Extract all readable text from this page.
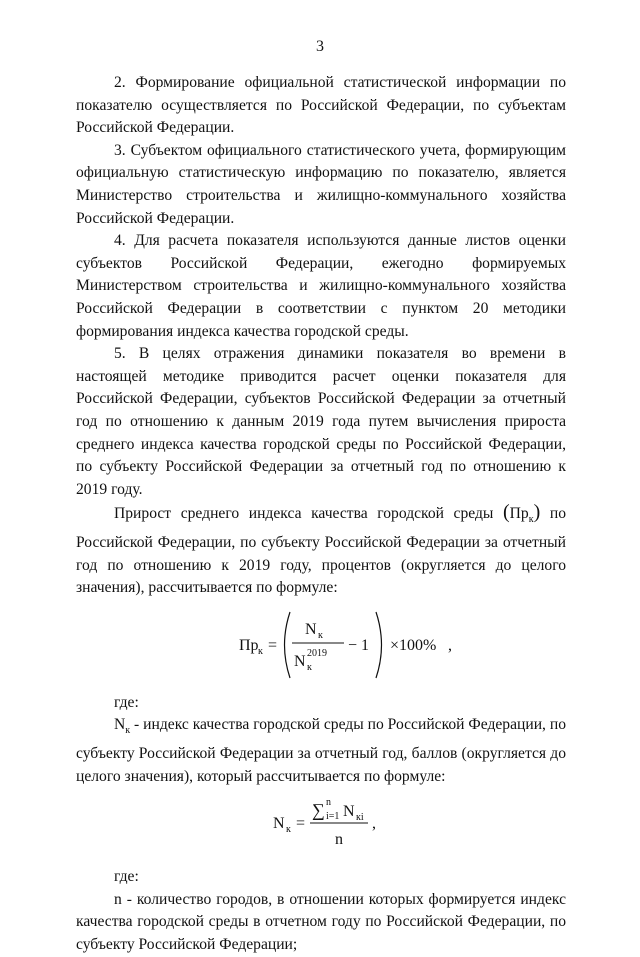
3

2. Формирование официальной статистической информации по показателю осуществляется по Российской Федерации, по субъектам Российской Федерации.

3. Субъектом официального статистического учета, формирующим официальную статистическую информацию по показателю, является Министерство строительства и жилищно-коммунального хозяйства Российской Федерации.

4. Для расчета показателя используются данные листов оценки субъектов Российской Федерации, ежегодно формируемых Министерством строительства и жилищно-коммунального хозяйства Российской Федерации в соответствии с пунктом 20 методики формирования индекса качества городской среды.

5. В целях отражения динамики показателя во времени в настоящей методике приводится расчет оценки показателя для Российской Федерации, субъектов Российской Федерации за отчетный год по отношению к данным 2019 года путем вычисления прироста среднего индекса качества городской среды по Российской Федерации, по субъекту Российской Федерации за отчетный год по отношению к 2019 году.

Прирост среднего индекса качества городской среды $(Пр_к)$ по Российской Федерации, по субъекту Российской Федерации за отчетный год по отношению к 2019 году, процентов (округляется до целого значения), рассчитывается по формуле:

Пр к =
N к
N к
2019 − 1 ×100% ,

где:

$N_к$ - индекс качества городской среды по Российской Федерации, по субъекту Российской Федерации за отчетный год, баллов (округляется до целого значения), который рассчитывается по формуле:

N к =
∑ n
i=1 N кi
n
,

где:

n - количество городов, в отношении которых формируется индекс качества городской среды в отчетном году по Российской Федерации, по субъекту Российской Федерации;
